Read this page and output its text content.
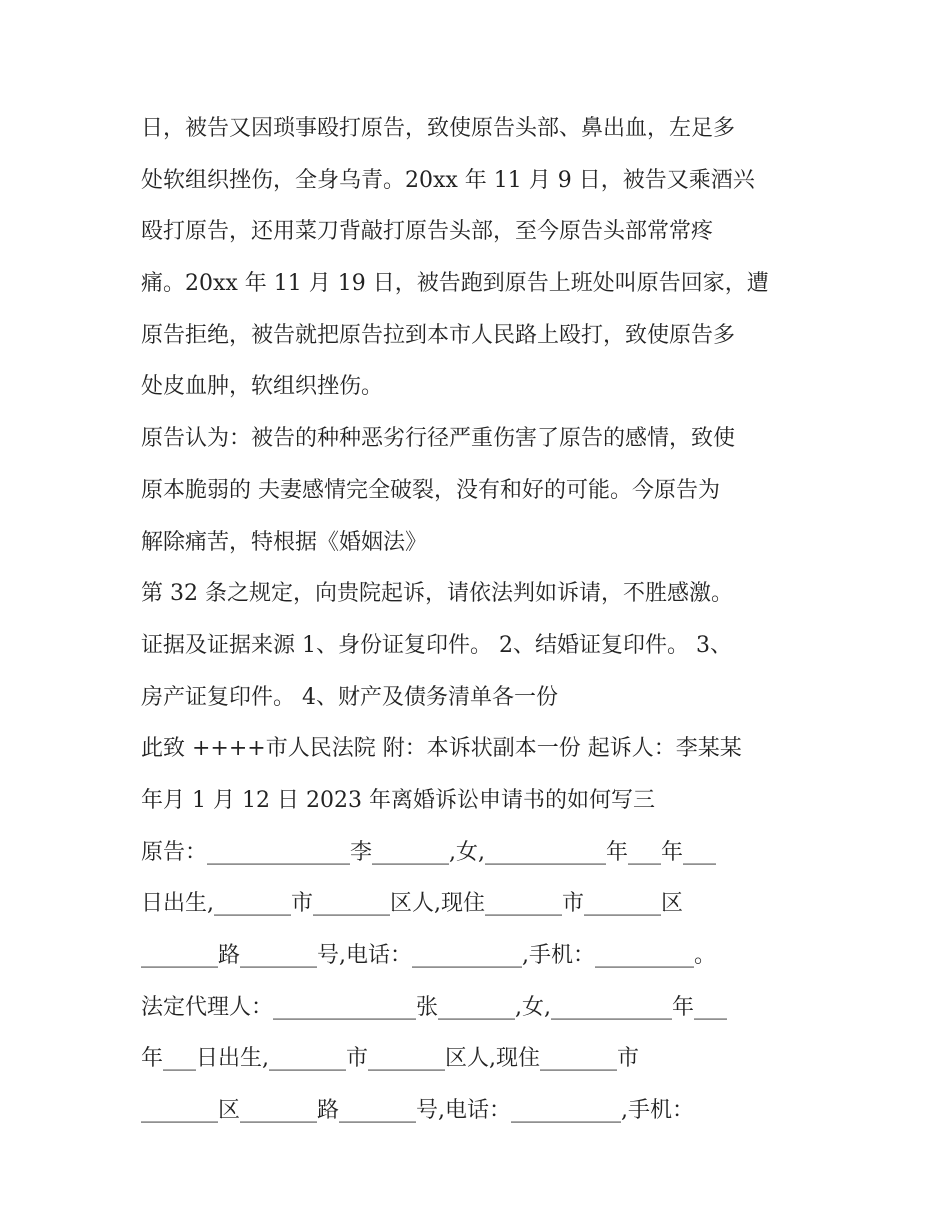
日，被告又因琐事殴打原告，致使原告头部、鼻出血，左足多
处软组织挫伤，全身乌青。20xx 年 11 月 9 日，被告又乘酒兴
殴打原告，还用菜刀背敲打原告头部，至今原告头部常常疼
痛。20xx 年 11 月 19 日，被告跑到原告上班处叫原告回家，遭
原告拒绝，被告就把原告拉到本市人民路上殴打，致使原告多
处皮血肿，软组织挫伤。
原告认为：被告的种种恶劣行径严重伤害了原告的感情，致使
原本脆弱的 夫妻感情完全破裂，没有和好的可能。今原告为
解除痛苦，特根据《婚姻法》
第 32 条之规定，向贵院起诉，请依法判如诉请，不胜感激。
证据及证据来源 1、身份证复印件。 2、结婚证复印件。 3、
房产证复印件。 4、财产及债务清单各一份
此致 ++++市人民法院 附：本诉状副本一份 起诉人：李某某
年月 1 月 12 日 2023 年离婚诉讼申请书的如何写三
原告：_____________李_______,女,___________年___年___
日出生,_______市_______区人,现住_______市_______区
_______路_______号,电话：__________,手机：_________。
法定代理人：_____________张_______,女,___________年___
年___日出生,_______市_______区人,现住_______市
_______区_______路_______号,电话：__________,手机：
